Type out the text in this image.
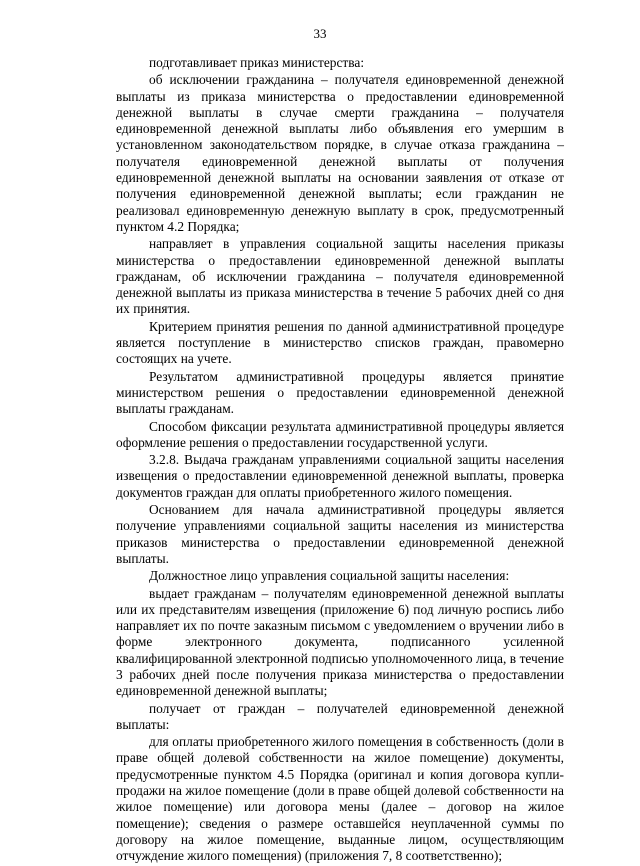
33

подготавливает приказ министерства:

об исключении гражданина – получателя единовременной денежной выплаты из приказа министерства о предоставлении единовременной денежной выплаты в случае смерти гражданина – получателя единовременной денежной выплаты либо объявления его умершим в установленном законодательством порядке, в случае отказа гражданина – получателя единовременной денежной выплаты от получения единовременной денежной выплаты на основании заявления от отказе от получения единовременной денежной выплаты; если гражданин не реализовал единовременную денежную выплату в срок, предусмотренный пунктом 4.2 Порядка;

направляет в управления социальной защиты населения приказы министерства о предоставлении единовременной денежной выплаты гражданам, об исключении гражданина – получателя единовременной денежной выплаты из приказа министерства в течение 5 рабочих дней со дня их принятия.

Критерием принятия решения по данной административной процедуре является поступление в министерство списков граждан, правомерно состоящих на учете.

Результатом административной процедуры является принятие министерством решения о предоставлении единовременной денежной выплаты гражданам.

Способом фиксации результата административной процедуры является оформление решения о предоставлении государственной услуги.

3.2.8. Выдача гражданам управлениями социальной защиты населения извещения о предоставлении единовременной денежной выплаты, проверка документов граждан для оплаты приобретенного жилого помещения.

Основанием для начала административной процедуры является получение управлениями социальной защиты населения из министерства приказов министерства о предоставлении единовременной денежной выплаты.

Должностное лицо управления социальной защиты населения:

выдает гражданам – получателям единовременной денежной выплаты или их представителям извещения (приложение 6) под личную роспись либо направляет их по почте заказным письмом с уведомлением о вручении либо в форме электронного документа, подписанного усиленной квалифицированной электронной подписью уполномоченного лица, в течение 3 рабочих дней после получения приказа министерства о предоставлении единовременной денежной выплаты;

получает от граждан – получателей единовременной денежной выплаты:

для оплаты приобретенного жилого помещения в собственность (доли в праве общей долевой собственности на жилое помещение) документы, предусмотренные пунктом 4.5 Порядка (оригинал и копия договора купли-продажи на жилое помещение (доли в праве общей долевой собственности на жилое помещение) или договора мены (далее – договор на жилое помещение); сведения о размере оставшейся неуплаченной суммы по договору на жилое помещение, выданные лицом, осуществляющим отчуждение жилого помещения) (приложения 7, 8 соответственно);
